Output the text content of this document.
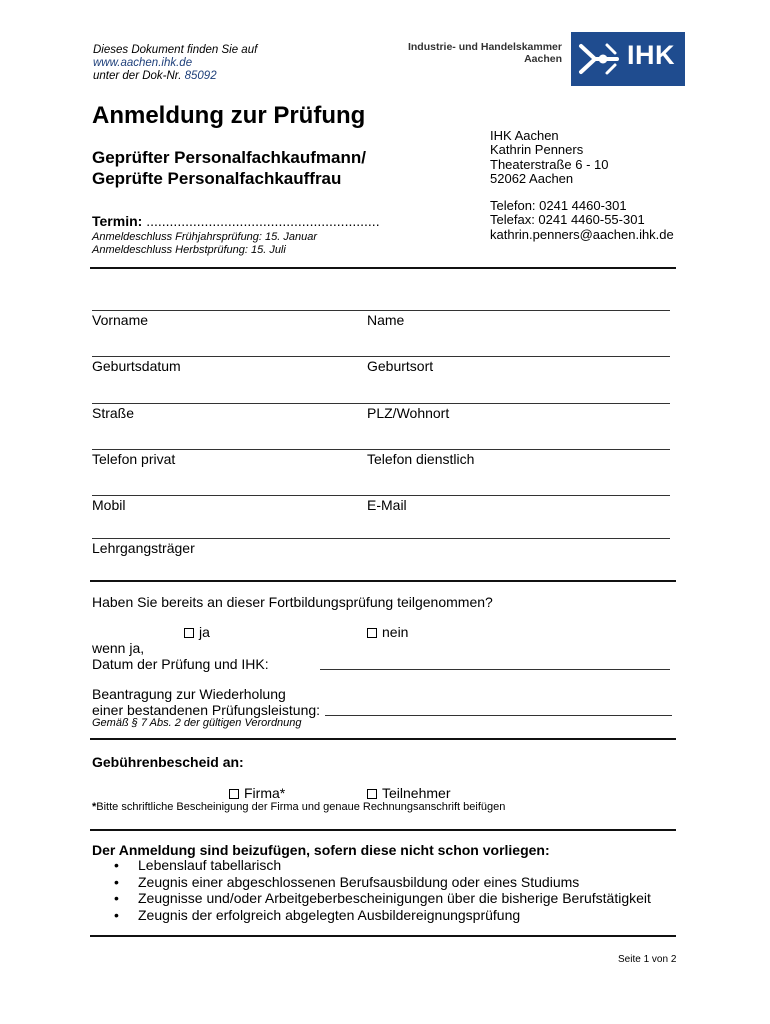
Dieses Dokument finden Sie auf
www.aachen.ihk.de
unter der Dok-Nr. 85092
Industrie- und Handelskammer
Aachen IHK
Anmeldung zur Prüfung
Geprüfter Personalfachkaufmann/
Geprüfte Personalfachkauffrau
Termin: ............................................................
Anmeldeschluss Frühjahrsprüfung: 15. Januar
Anmeldeschluss Herbstprüfung: 15. Juli
IHK Aachen
Kathrin Penners
Theaterstraße 6 - 10
52062 Aachen
Telefon: 0241 4460-301
Telefax: 0241 4460-55-301
kathrin.penners@aachen.ihk.de
Vorname	Name
Geburtsdatum	Geburtsort
Straße	PLZ/Wohnort
Telefon privat	Telefon dienstlich
Mobil	E-Mail
Lehrgangsträger
Haben Sie bereits an dieser Fortbildungsprüfung teilgenommen?
ja	nein
wenn ja,
Datum der Prüfung und IHK:
Beantragung zur Wiederholung
einer bestandenen Prüfungsleistung:
Gemäß § 7 Abs. 2 der gültigen Verordnung
Gebührenbescheid an:
Firma*	Teilnehmer
*Bitte schriftliche Bescheinigung der Firma und genaue Rechnungsanschrift beifügen
Der Anmeldung sind beizufügen, sofern diese nicht schon vorliegen:
• Lebenslauf tabellarisch
• Zeugnis einer abgeschlossenen Berufsausbildung oder eines Studiums
• Zeugnisse und/oder Arbeitgeberbescheinigungen über die bisherige Berufstätigkeit
• Zeugnis der erfolgreich abgelegten Ausbildereignungsprüfung
Seite 1 von 2
